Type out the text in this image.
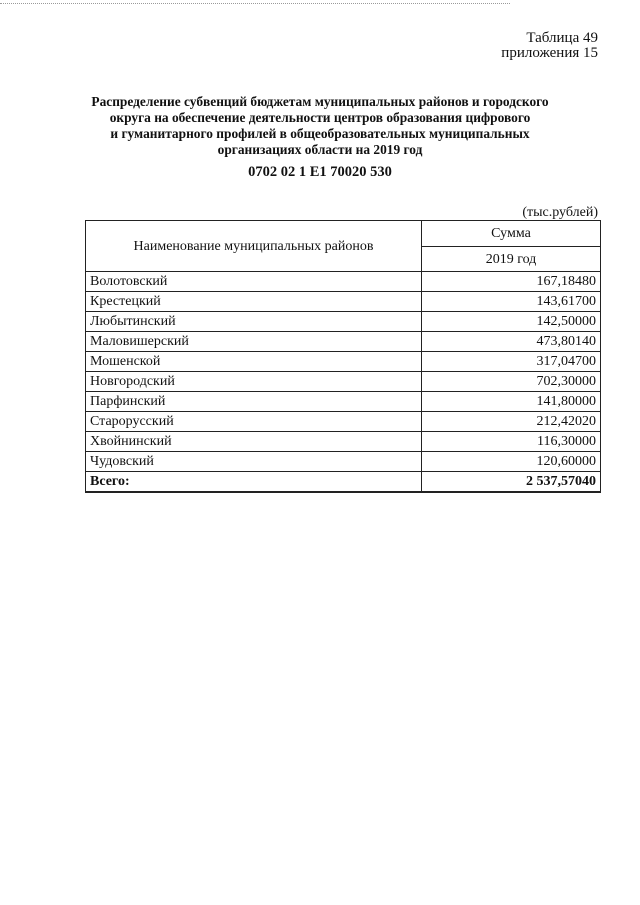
Таблица 49
приложения 15
Распределение субвенций бюджетам муниципальных районов и городского
округа на обеспечение деятельности центров образования цифрового
и гуманитарного профилей в общеобразовательных муниципальных
организациях области на 2019 год
0702 02 1 E1 70020 530
(тыс.рублей)
Наименование муниципальных районов	Сумма
	2019 год
Волотовский	167,18480
Крестецкий	143,61700
Любытинский	142,50000
Маловишерский	473,80140
Мошенской	317,04700
Новгородский	702,30000
Парфинский	141,80000
Старорусский	212,42020
Хвойнинский	116,30000
Чудовский	120,60000
Всего:	2 537,57040
